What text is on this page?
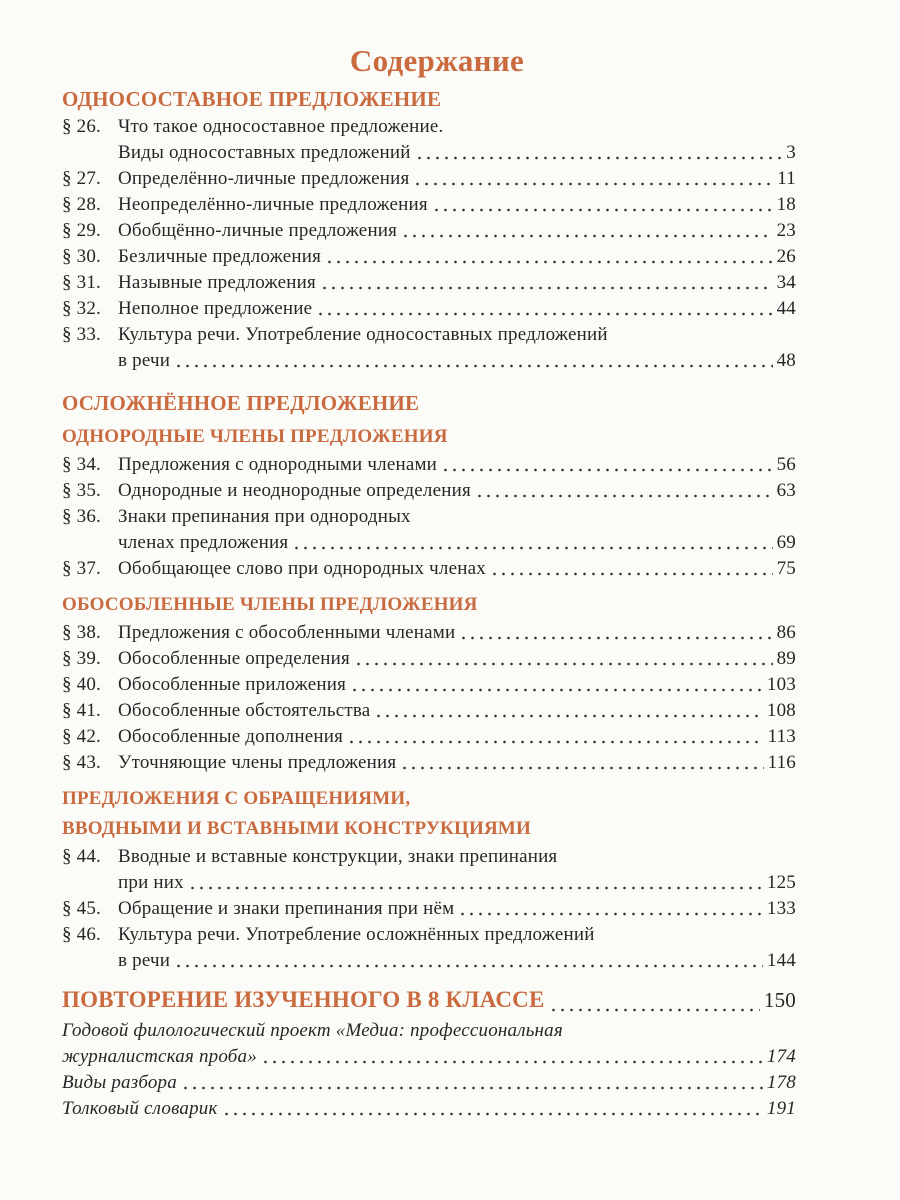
Содержание
ОДНОСОСТАВНОЕ ПРЕДЛОЖЕНИЕ
§ 26. Что такое односоставное предложение.
Виды односоставных предложений	3
§ 27. Определённо-личные предложения	11
§ 28. Неопределённо-личные предложения	18
§ 29. Обобщённо-личные предложения	23
§ 30. Безличные предложения	26
§ 31. Назывные предложения	34
§ 32. Неполное предложение	44
§ 33. Культура речи. Употребление односоставных предложений
в речи	48
ОСЛОЖНЁННОЕ ПРЕДЛОЖЕНИЕ
ОДНОРОДНЫЕ ЧЛЕНЫ ПРЕДЛОЖЕНИЯ
§ 34. Предложения с однородными членами	56
§ 35. Однородные и неоднородные определения	63
§ 36. Знаки препинания при однородных
членах предложения	69
§ 37. Обобщающее слово при однородных членах	75
ОБОСОБЛЕННЫЕ ЧЛЕНЫ ПРЕДЛОЖЕНИЯ
§ 38. Предложения с обособленными членами	86
§ 39. Обособленные определения	89
§ 40. Обособленные приложения	103
§ 41. Обособленные обстоятельства	108
§ 42. Обособленные дополнения	113
§ 43. Уточняющие члены предложения	116
ПРЕДЛОЖЕНИЯ С ОБРАЩЕНИЯМИ,
ВВОДНЫМИ И ВСТАВНЫМИ КОНСТРУКЦИЯМИ
§ 44. Вводные и вставные конструкции, знаки препинания
при них	125
§ 45. Обращение и знаки препинания при нём	133
§ 46. Культура речи. Употребление осложнённых предложений
в речи	144
ПОВТОРЕНИЕ ИЗУЧЕННОГО В 8 КЛАССЕ	150
Годовой филологический проект «Медиа: профессиональная
журналистская проба»	174
Виды разбора	178
Толковый словарик	191
